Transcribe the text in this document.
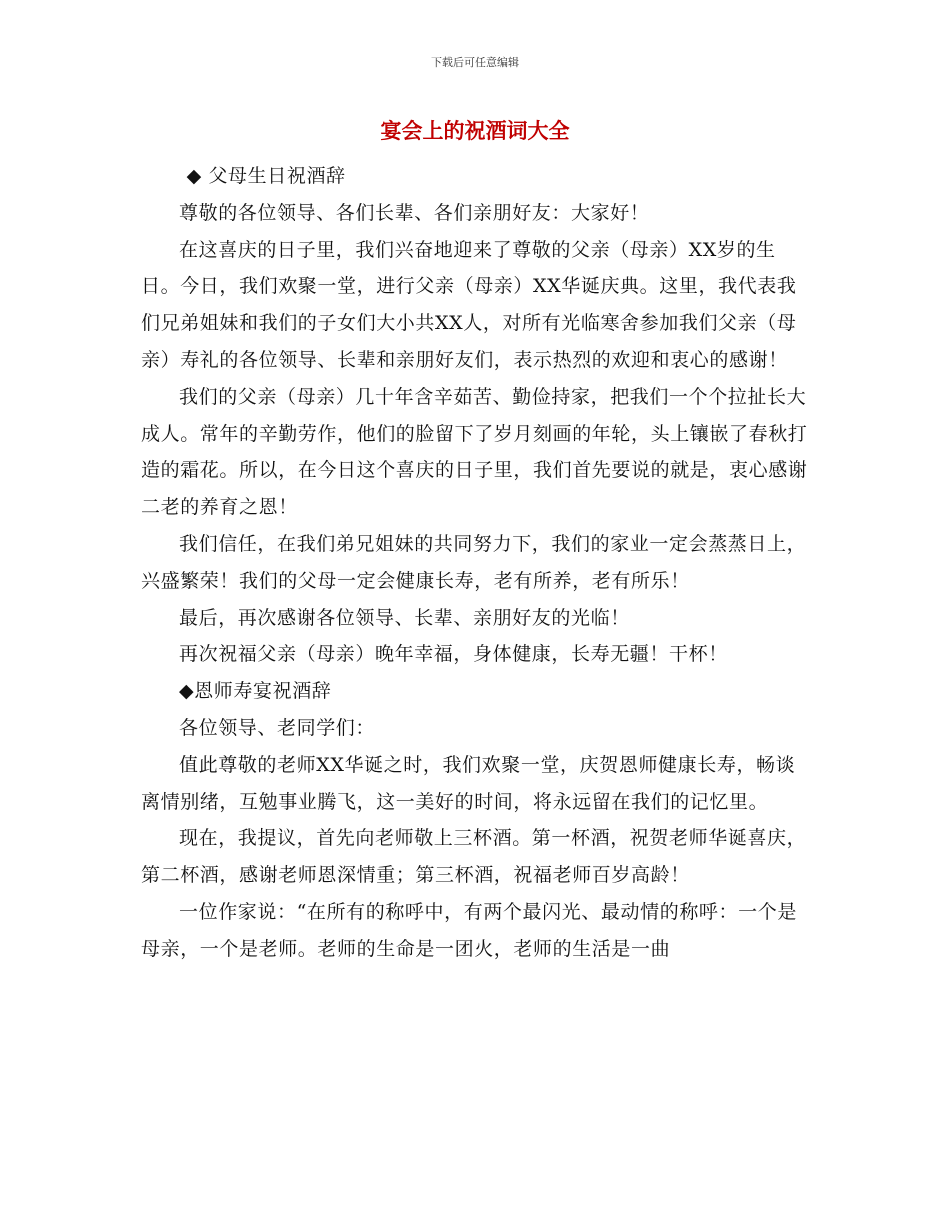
下载后可任意编辑
宴会上的祝酒词大全

◆ 父母生日祝酒辞

尊敬的各位领导、各们长辈、各们亲朋好友：大家好！

在这喜庆的日子里，我们兴奋地迎来了尊敬的父亲（母亲）XX岁的生日。今日，我们欢聚一堂，进行父亲（母亲）XX华诞庆典。这里，我代表我们兄弟姐妹和我们的子女们大小共XX人，对所有光临寒舍参加我们父亲（母亲）寿礼的各位领导、长辈和亲朋好友们，表示热烈的欢迎和衷心的感谢！

我们的父亲（母亲）几十年含辛茹苦、勤俭持家，把我们一个个拉扯长大成人。常年的辛勤劳作，他们的脸留下了岁月刻画的年轮，头上镶嵌了春秋打造的霜花。所以，在今日这个喜庆的日子里，我们首先要说的就是，衷心感谢二老的养育之恩！

我们信任，在我们弟兄姐妹的共同努力下，我们的家业一定会蒸蒸日上，兴盛繁荣！我们的父母一定会健康长寿，老有所养，老有所乐！

最后，再次感谢各位领导、长辈、亲朋好友的光临！

再次祝福父亲（母亲）晚年幸福，身体健康，长寿无疆！干杯！

◆恩师寿宴祝酒辞

各位领导、老同学们：

值此尊敬的老师XX华诞之时，我们欢聚一堂，庆贺恩师健康长寿，畅谈离情别绪，互勉事业腾飞，这一美好的时间，将永远留在我们的记忆里。

现在，我提议，首先向老师敬上三杯酒。第一杯酒，祝贺老师华诞喜庆，第二杯酒，感谢老师恩深情重；第三杯酒，祝福老师百岁高龄！

一位作家说：“在所有的称呼中，有两个最闪光、最动情的称呼：一个是母亲，一个是老师。老师的生命是一团火，老师的生活是一曲
